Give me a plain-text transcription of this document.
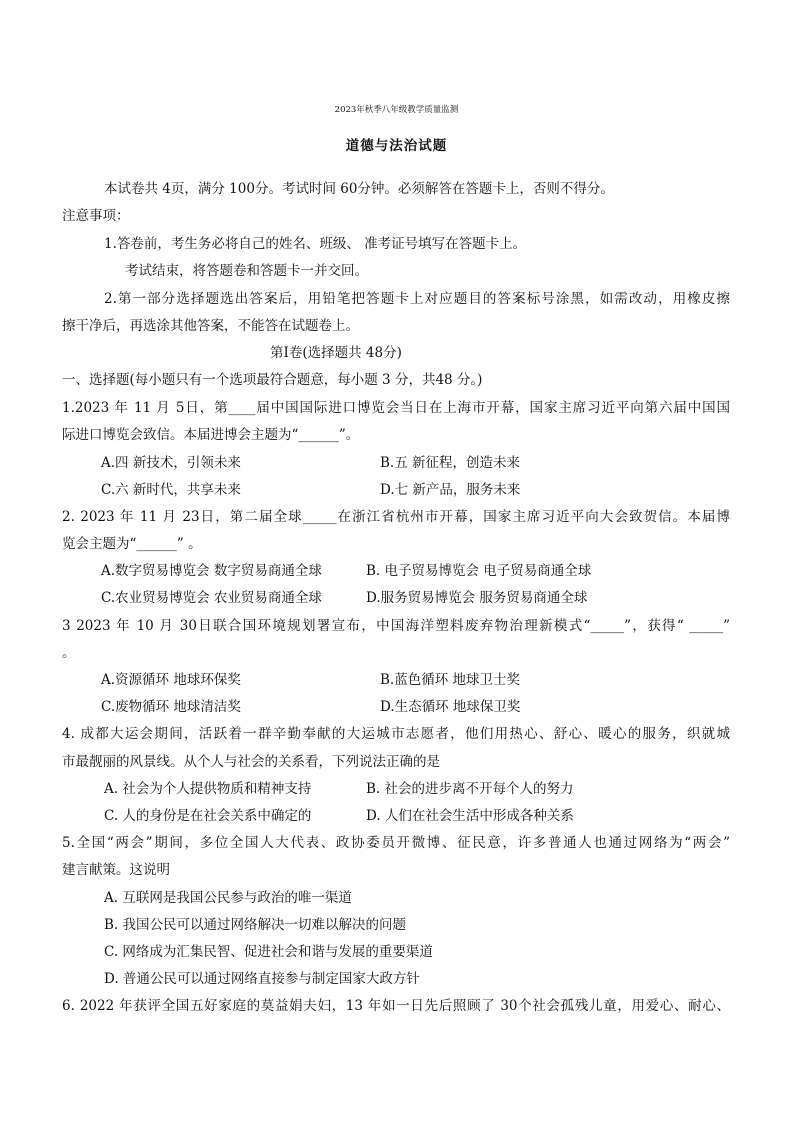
2023年秋季八年级教学质量监测
道德与法治试题
本试卷共 4页，满分 100分。考试时间 60分钟。必须解答在答题卡上，否则不得分。
注意事项：
1.答卷前，考生务必将自己的姓名、班级、 准考证号填写在答题卡上。
考试结束，将答题卷和答题卡一并交回。
2.第一部分选择题选出答案后，用铅笔把答题卡上对应题目的答案标号涂黑，如需改动，用橡皮擦
擦干净后，再选涂其他答案，不能答在试题卷上。
第Ⅰ卷(选择题共 48分)
一、选择题(每小题只有一个选项最符合题意，每小题 3 分，共48 分。)
1.2023 年 11 月 5日，第____届中国国际进口博览会当日在上海市开幕，国家主席习近平向第六届中国国
际进口博览会致信。本届进博会主题为“______”。
A.四 新技术，引领未来	B.五 新征程，创造未来
C.六 新时代，共享未来	D.七 新产品，服务未来
2. 2023 年 11 月 23日，第二届全球_____在浙江省杭州市开幕，国家主席习近平向大会致贺信。本届博
览会主题为“______” 。
A.数字贸易博览会 数字贸易商通全球	B. 电子贸易博览会 电子贸易商通全球
C.农业贸易博览会 农业贸易商通全球	D.服务贸易博览会 服务贸易商通全球
3 2023 年 10 月 30日联合国环境规划署宣布，中国海洋塑料废弃物治理新模式“_____”，获得“ _____”
。
A.资源循环 地球环保奖	B.蓝色循环 地球卫士奖
C.废物循环 地球清洁奖	D.生态循环 地球保卫奖
4. 成都大运会期间，活跃着一群辛勤奉献的大运城市志愿者，他们用热心、舒心、暖心的服务，织就城
市最靓丽的风景线。从个人与社会的关系看，下列说法正确的是
A. 社会为个人提供物质和精神支持	B. 社会的进步离不开每个人的努力
C. 人的身份是在社会关系中确定的	D. 人们在社会生活中形成各种关系
5.全国“两会”期间，多位全国人大代表、政协委员开微博、征民意，许多普通人也通过网络为“两会”
建言献策。这说明
A. 互联网是我国公民参与政治的唯一渠道
B. 我国公民可以通过网络解决一切难以解决的问题
C. 网络成为汇集民智、促进社会和谐与发展的重要渠道
D. 普通公民可以通过网络直接参与制定国家大政方针
6. 2022 年获评全国五好家庭的莫益娟夫妇，13 年如一日先后照顾了 30个社会孤残儿童，用爱心、耐心、
